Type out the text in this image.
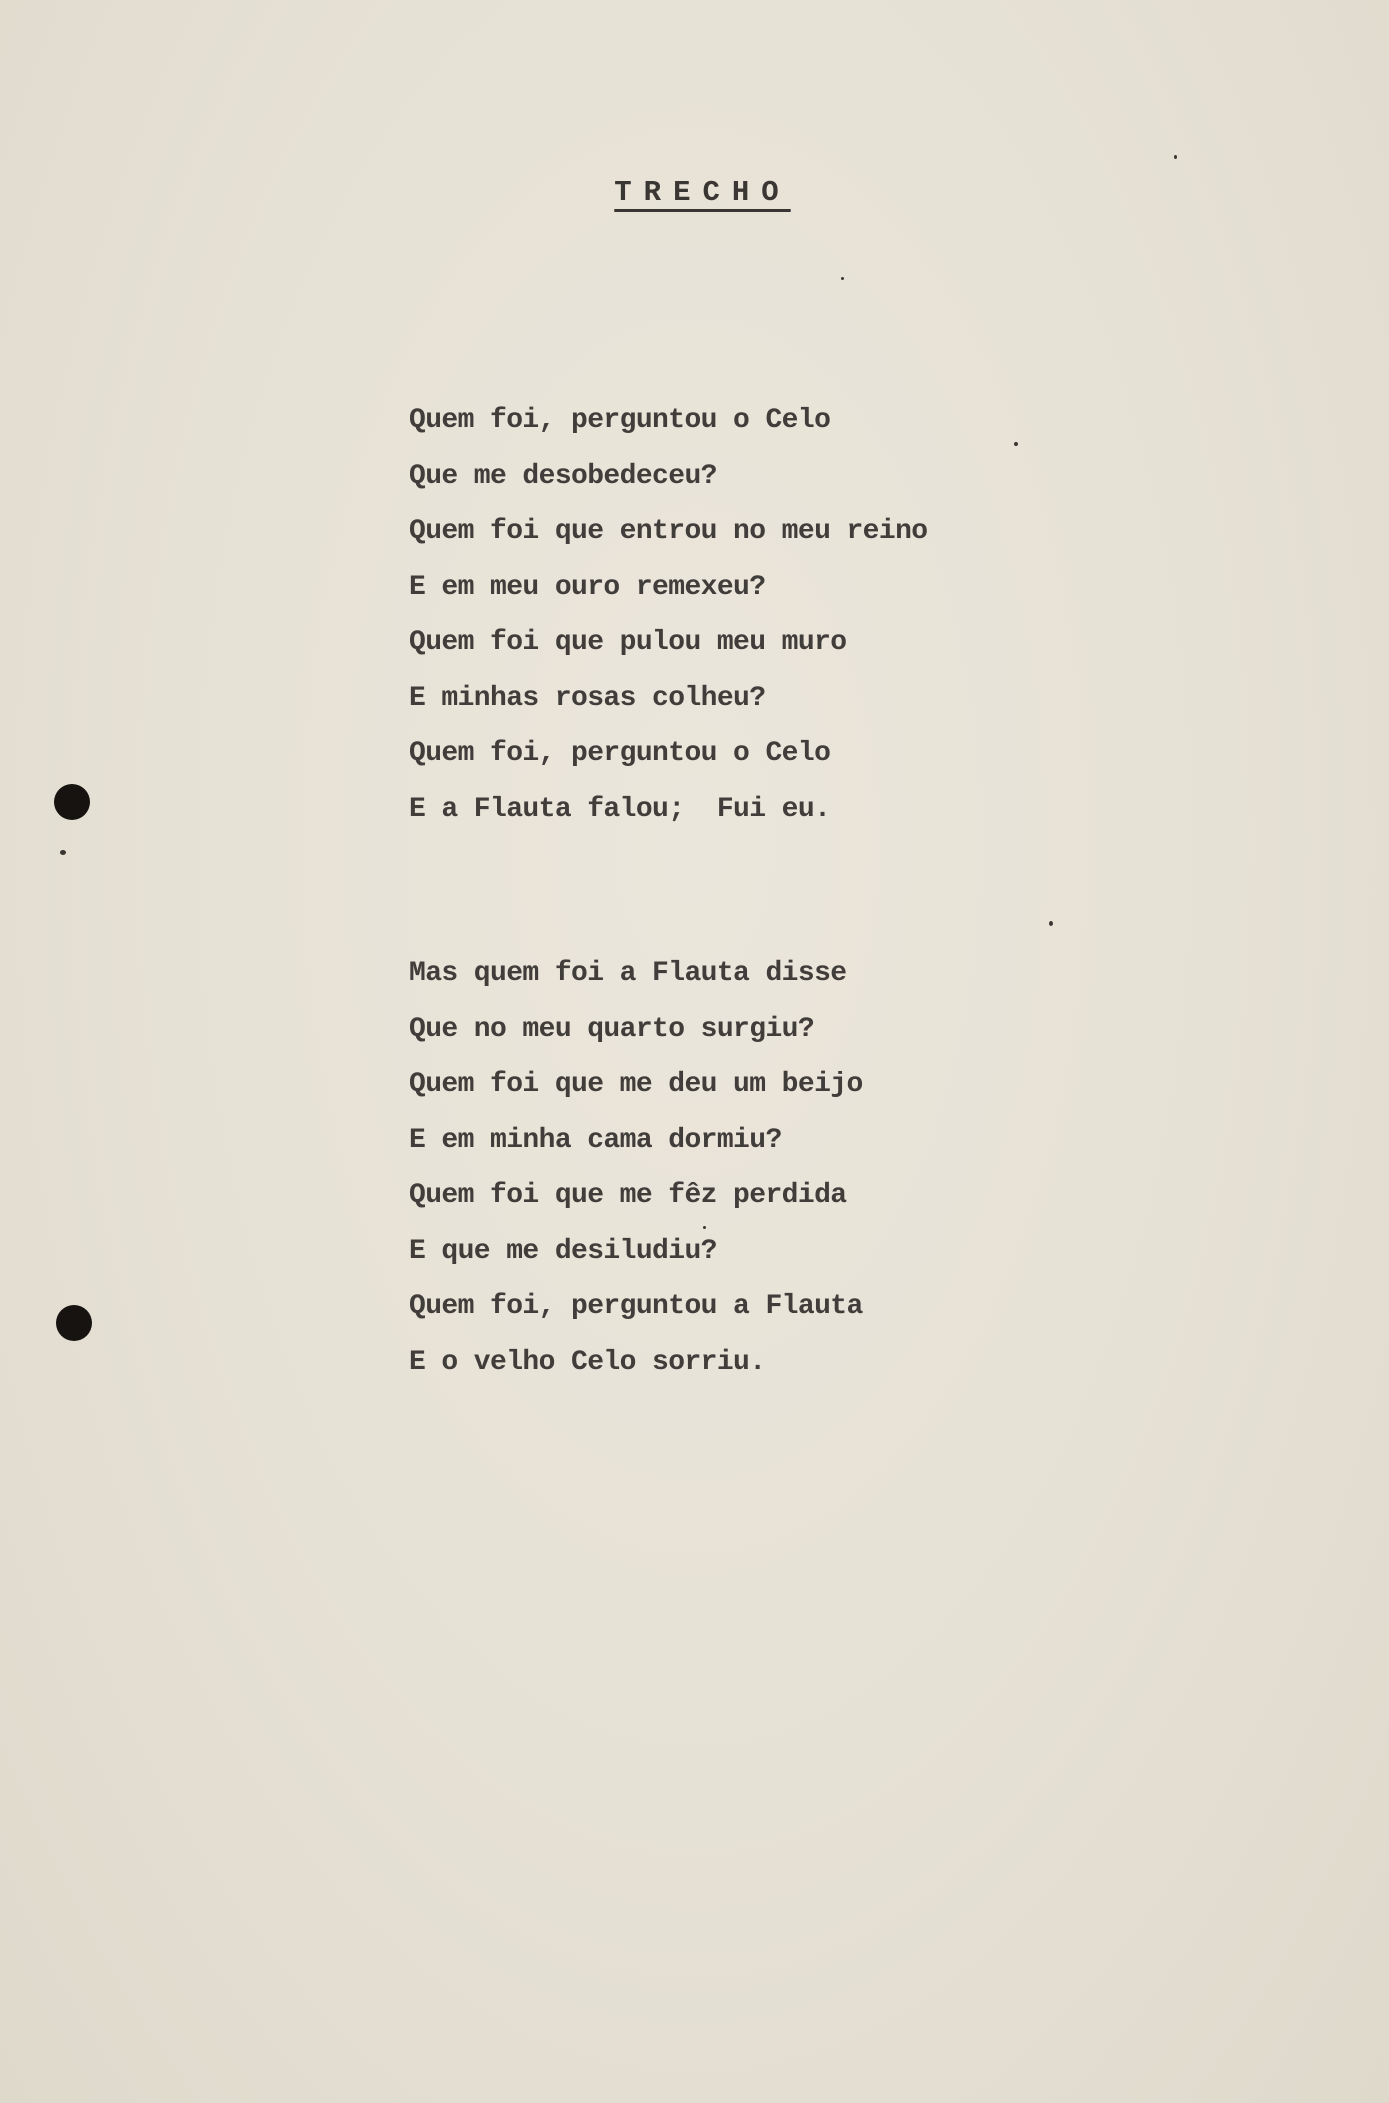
TRECHO
Quem foi, perguntou o Celo
Que me desobedeceu?
Quem foi que entrou no meu reino
E em meu ouro remexeu?
Quem foi que pulou meu muro
E minhas rosas colheu?
Quem foi, perguntou o Celo
E a Flauta falou;  Fui eu.
Mas quem foi a Flauta disse
Que no meu quarto surgiu?
Quem foi que me deu um beijo
E em minha cama dormiu?
Quem foi que me fêz perdida
E que me desiludiu?
Quem foi, perguntou a Flauta
E o velho Celo sorriu.
